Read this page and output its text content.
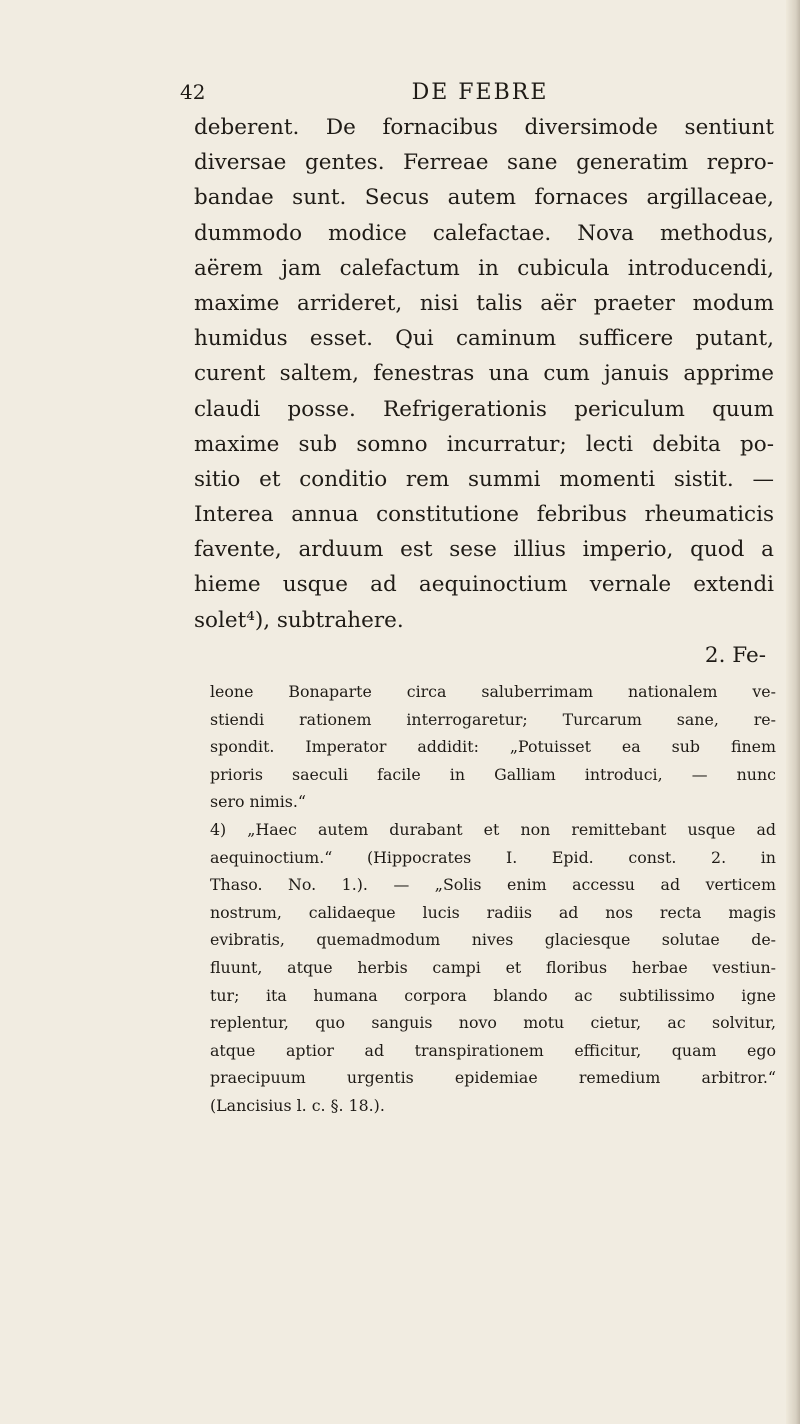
42	DE FEBRE
deberent. De fornacibus diversimode sentiunt
diversae gentes. Ferreae sane generatim repro-
bandae sunt. Secus autem fornaces argillaceae,
dummodo modice calefactae. Nova methodus,
aërem jam calefactum in cubicula introducendi,
maxime arrideret, nisi talis aër praeter modum
humidus esset. Qui caminum sufficere putant,
curent saltem, fenestras una cum januis apprime
claudi posse. Refrigerationis periculum quum
maxime sub somno incurratur; lecti debita po-
sitio et conditio rem summi momenti sistit. —
Interea annua constitutione febribus rheumaticis
favente, arduum est sese illius imperio, quod a
hieme usque ad aequinoctium vernale extendi
solet⁴), subtrahere.
2. Fe-
leone Bonaparte circa saluberrimam nationalem ve-
stiendi rationem interrogaretur; Turcarum sane, re-
spondit. Imperator addidit: „Potuisset ea sub finem
prioris saeculi facile in Galliam introduci, — nunc
sero nimis.“
4) „Haec autem durabant et non remittebant usque ad
aequinoctium.“ (Hippocrates I. Epid. const. 2. in
Thaso. No. 1.). — „Solis enim accessu ad verticem
nostrum, calidaeque lucis radiis ad nos recta magis
evibratis, quemadmodum nives glaciesque solutae de-
fluunt, atque herbis campi et floribus herbae vestiun-
tur; ita humana corpora blando ac subtilissimo igne
replentur, quo sanguis novo motu cietur, ac solvitur,
atque aptior ad transpirationem efficitur, quam ego
praecipuum urgentis epidemiae remedium arbitror.“
(Lancisius l. c. §. 18.).
